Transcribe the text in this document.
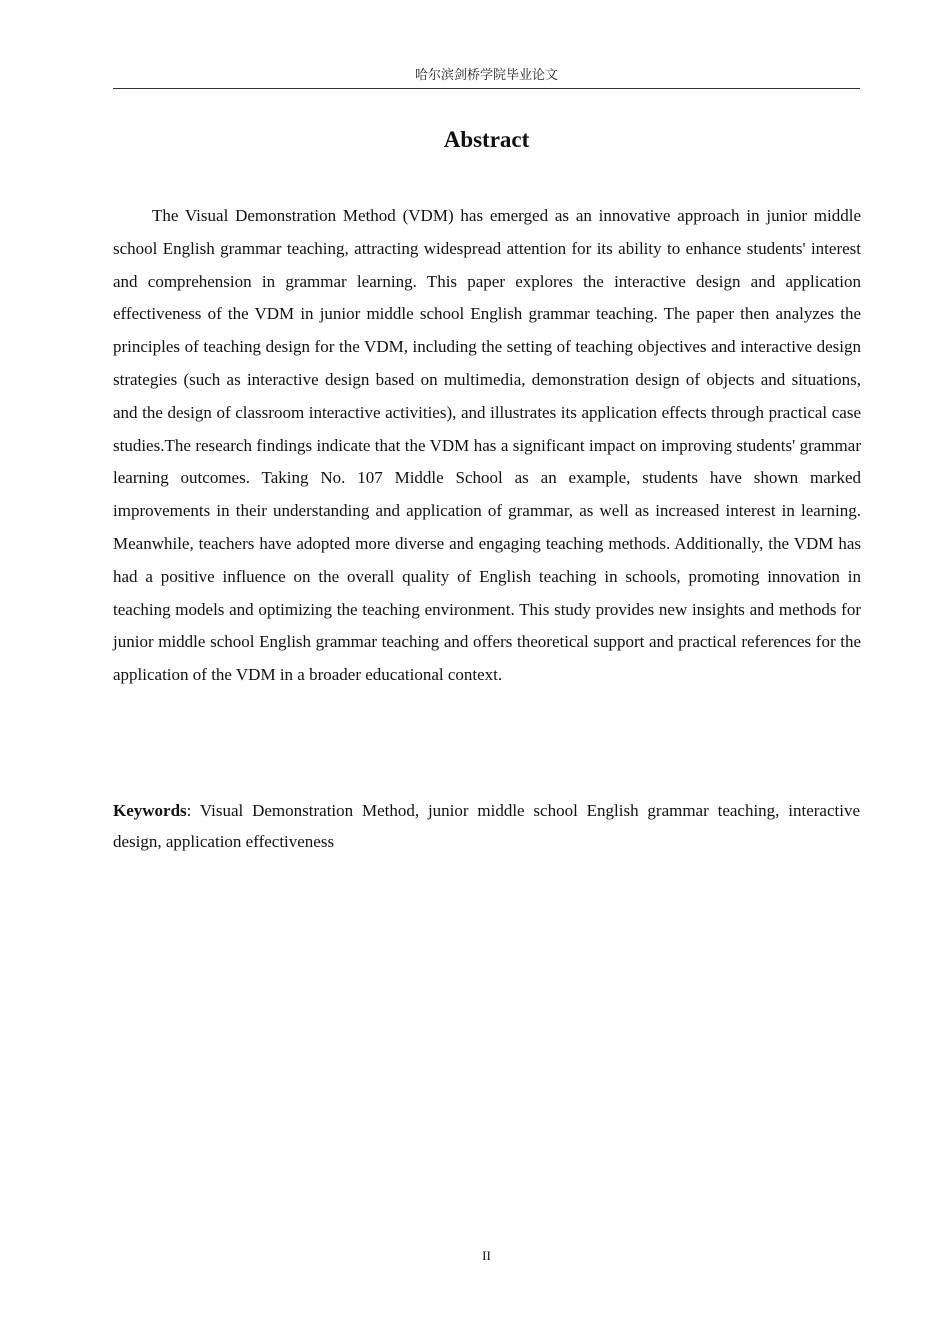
哈尔滨剑桥学院毕业论文
Abstract

The Visual Demonstration Method (VDM) has emerged as an innovative approach in junior middle school English grammar teaching, attracting widespread attention for its ability to enhance students' interest and comprehension in grammar learning. This paper explores the interactive design and application effectiveness of the VDM in junior middle school English grammar teaching. The paper then analyzes the principles of teaching design for the VDM, including the setting of teaching objectives and interactive design strategies (such as interactive design based on multimedia, demonstration design of objects and situations, and the design of classroom interactive activities), and illustrates its application effects through practical case studies.The research findings indicate that the VDM has a significant impact on improving students' grammar learning outcomes. Taking No. 107 Middle School as an example, students have shown marked improvements in their understanding and application of grammar, as well as increased interest in learning. Meanwhile, teachers have adopted more diverse and engaging teaching methods. Additionally, the VDM has had a positive influence on the overall quality of English teaching in schools, promoting innovation in teaching models and optimizing the teaching environment. This study provides new insights and methods for junior middle school English grammar teaching and offers theoretical support and practical references for the application of the VDM in a broader educational context.

Keywords: Visual Demonstration Method, junior middle school English grammar teaching, interactive design, application effectiveness

II
